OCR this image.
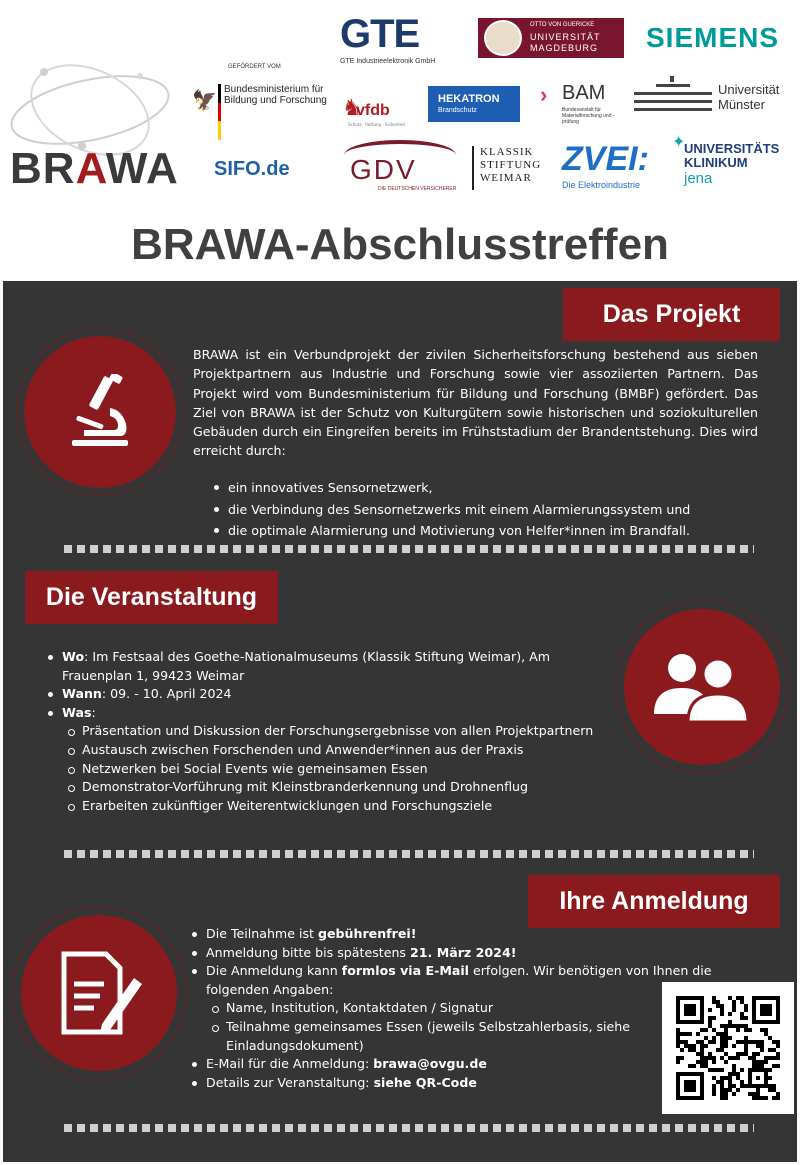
BRAWA
GEFÖRDERT VOM
🦅
Bundesministerium für Bildung und Forschung
SIFO.de
GTE
GTE Industrieelektronik GmbH
OTTO VON GUERICKE
UNIVERSITÄT MAGDEBURG	SIEMENS
♞
vfdb
Schutz · Rettung · Sicherheit
HEKATRON
Brandschutz
› BAM
Bundesanstalt für Materialforschung und -prüfung
Universität Münster
GDV
DIE DEUTSCHEN VERSICHERER
KLASSIK STIFTUNG WEIMAR ZVEI:
Die Elektroindustrie
✦
UNIVERSITÄTS KLINIKUM
jena
BRAWA-Abschlusstreffen
Das Projekt

BRAWA ist ein Verbundprojekt der zivilen Sicherheitsforschung bestehend aus sieben Projektpartnern aus Industrie und Forschung sowie vier assoziierten Partnern. Das Projekt wird vom Bundesministerium für Bildung und Forschung (BMBF) gefördert. Das Ziel von BRAWA ist der Schutz von Kulturgütern sowie historischen und soziokulturellen Gebäuden durch ein Eingreifen bereits im Frühststadium der Brandentstehung. Dies wird erreicht durch:

ein innovatives Sensornetzwerk,
die Verbindung des Sensornetzwerks mit einem Alarmierungssystem und
die optimale Alarmierung und Motivierung von Helfer*innen im Brandfall.
Die Veranstaltung
Wo: Im Festsaal des Goethe-Nationalmuseums (Klassik Stiftung Weimar), Am Frauenplan 1, 99423 Weimar
Wann: 09. - 10. April 2024
Was:
Präsentation und Diskussion der Forschungsergebnisse von allen Projektpartnern
Austausch zwischen Forschenden und Anwender*innen aus der Praxis
Netzwerken bei Social Events wie gemeinsamen Essen
Demonstrator-Vorführung mit Kleinstbranderkennung und Drohnenflug
Erarbeiten zukünftiger Weiterentwicklungen und Forschungsziele
Ihre Anmeldung
Die Teilnahme ist gebührenfrei!
Anmeldung bitte bis spätestens 21. März 2024!
Die Anmeldung kann formlos via E-Mail erfolgen. Wir benötigen von Ihnen die folgenden Angaben:
Name, Institution, Kontaktdaten / Signatur
Teilnahme gemeinsames Essen (jeweils Selbstzahlerbasis, siehe Einladungsdokument)
E-Mail für die Anmeldung: brawa@ovgu.de
Details zur Veranstaltung: siehe QR-Code
